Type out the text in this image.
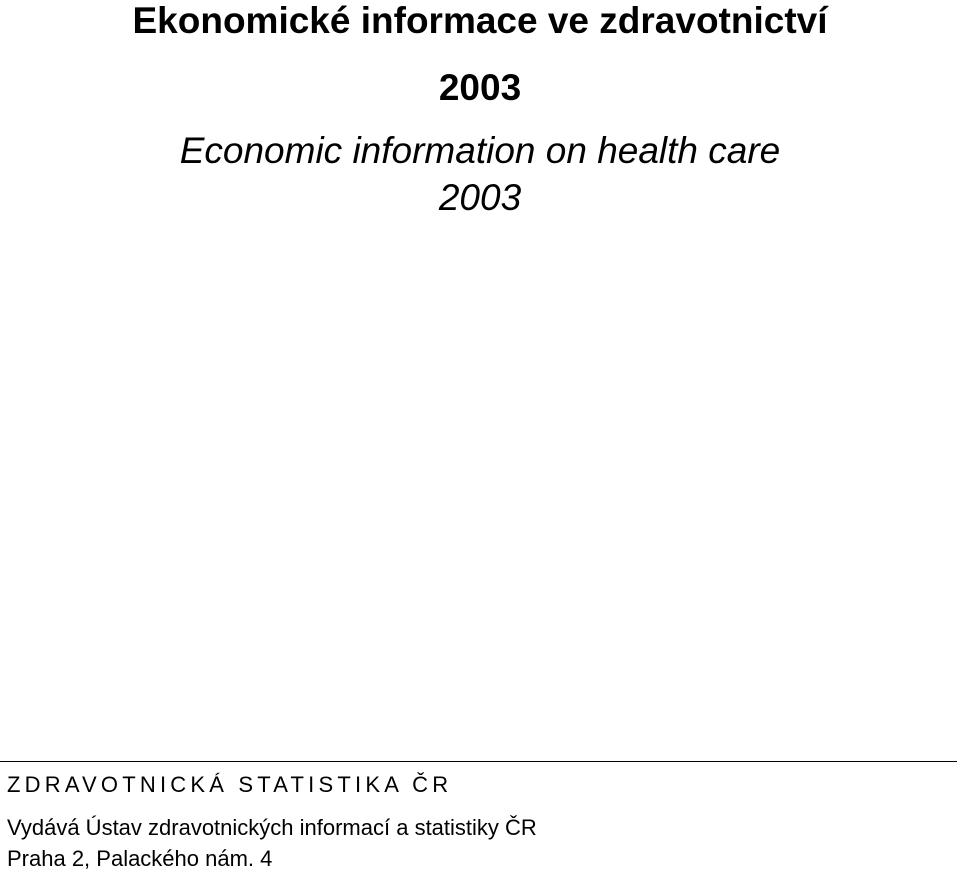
Ekonomické informace ve zdravotnictví
2003
Economic information on health care
2003
ZDRAVOTNICKÁ STATISTIKA ČR
Vydává Ústav zdravotnických informací a statistiky ČR
Praha 2, Palackého nám. 4
